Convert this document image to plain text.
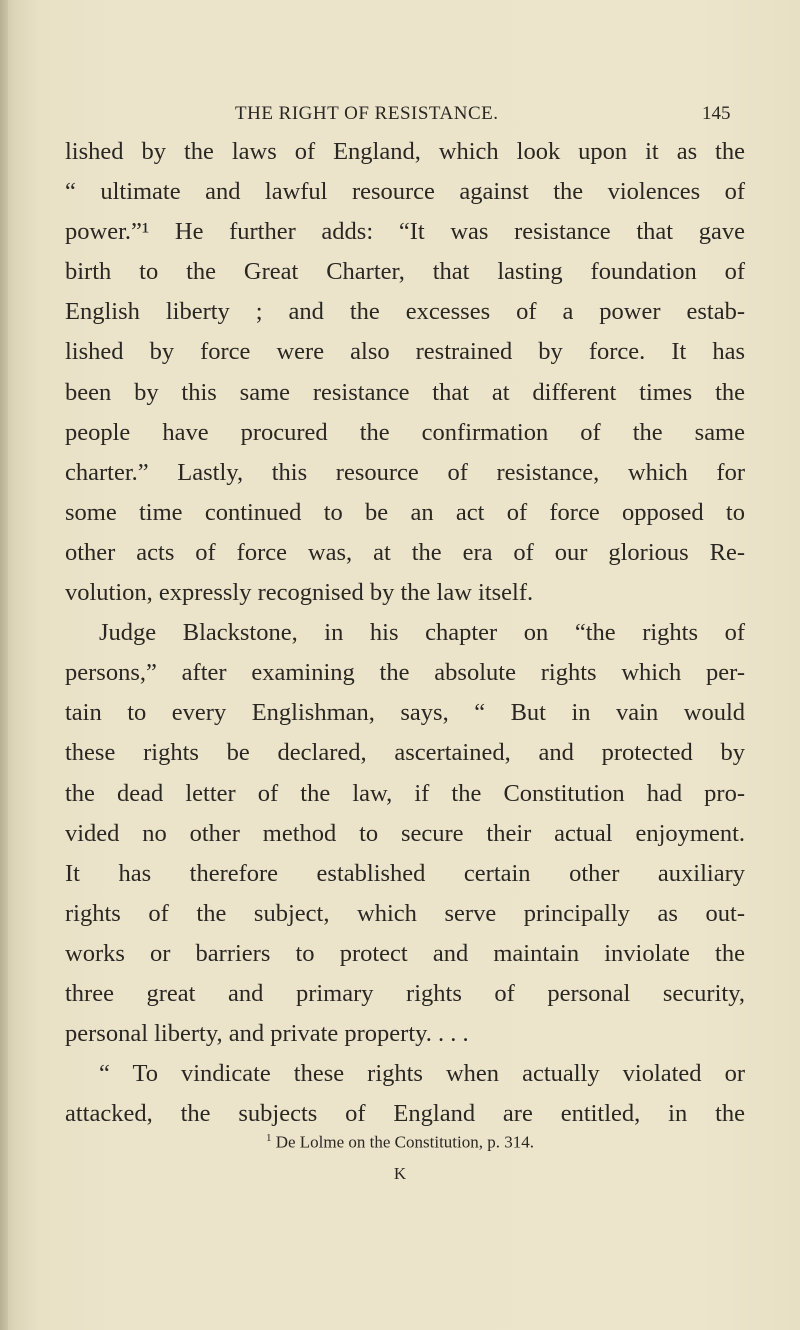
THE RIGHT OF RESISTANCE.	145
lished by the laws of England, which look upon it as the
“ ultimate and lawful resource against the violences of
power.”¹ He further adds: “It was resistance that gave
birth to the Great Charter, that lasting foundation of
English liberty ; and the excesses of a power estab-
lished by force were also restrained by force. It has
been by this same resistance that at different times the
people have procured the confirmation of the same
charter.” Lastly, this resource of resistance, which for
some time continued to be an act of force opposed to
other acts of force was, at the era of our glorious Re-
volution, expressly recognised by the law itself.
Judge Blackstone, in his chapter on “the rights of
persons,” after examining the absolute rights which per-
tain to every Englishman, says, “ But in vain would
these rights be declared, ascertained, and protected by
the dead letter of the law, if the Constitution had pro-
vided no other method to secure their actual enjoyment.
It has therefore established certain other auxiliary
rights of the subject, which serve principally as out-
works or barriers to protect and maintain inviolate the
three great and primary rights of personal security,
personal liberty, and private property. . . .
“ To vindicate these rights when actually violated or
attacked, the subjects of England are entitled, in the
$^1$ De Lolme on the Constitution, p. 314.
K
